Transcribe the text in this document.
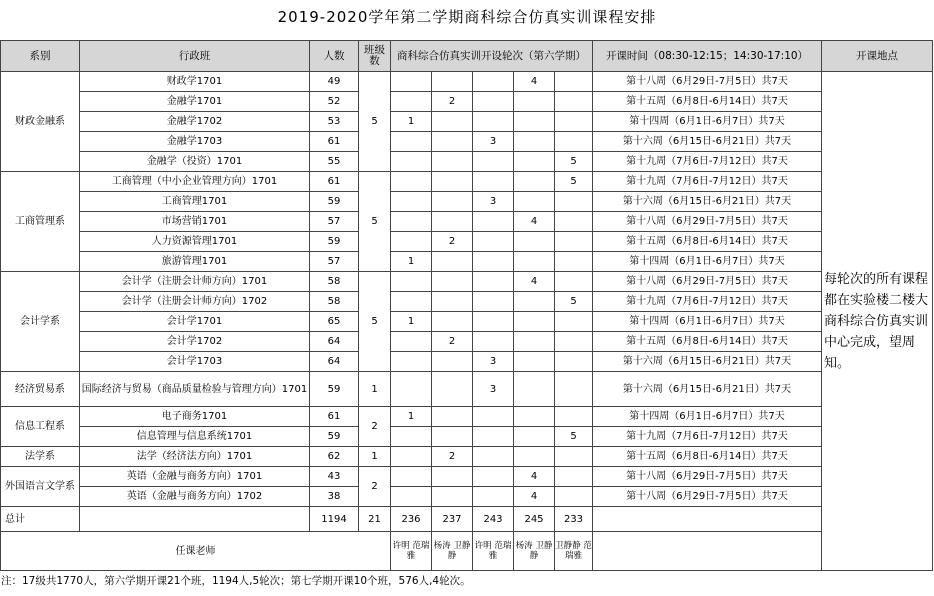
2019-2020学年第二学期商科综合仿真实训课程安排
系别	行政班	人数	班级数	商科综合仿真实训开设轮次（第六学期）					开课时间（08:30-12:15；14:30-17:10）	开课地点
财政金融系	财政学1701	49	5				4		第十八周（6月29日-7月5日）共7天	每轮次的所有课程都在实验楼二楼大商科综合仿真实训中心完成，望周知。
	金融学1701	52			2				第十五周（6月8日-6月14日）共7天	
	金融学1702	53		1					第十四周（6月1日-6月7日）共7天	
	金融学1703	61				3			第十六周（6月15日-6月21日）共7天	
	金融学（投资）1701	55						5	第十九周（7月6日-7月12日）共7天	
工商管理系	工商管理（中小企业管理方向）1701	61	5					5	第十九周（7月6日-7月12日）共7天	
	工商管理1701	59				3			第十六周（6月15日-6月21日）共7天	
	市场营销1701	57					4		第十八周（6月29日-7月5日）共7天	
	人力资源管理1701	59			2				第十五周（6月8日-6月14日）共7天	
	旅游管理1701	57		1					第十四周（6月1日-6月7日）共7天	
会计学系	会计学（注册会计师方向）1701	58	5				4		第十八周（6月29日-7月5日）共7天	
	会计学（注册会计师方向）1702	58						5	第十九周（7月6日-7月12日）共7天	
	会计学1701	65		1					第十四周（6月1日-6月7日）共7天	
	会计学1702	64			2				第十五周（6月8日-6月14日）共7天	
	会计学1703	64				3			第十六周（6月15日-6月21日）共7天	
经济贸易系	国际经济与贸易（商品质量检验与管理方向）1701	59	1			3			第十六周（6月15日-6月21日）共7天	
信息工程系	电子商务1701	61	2	1					第十四周（6月1日-6月7日）共7天	
	信息管理与信息系统1701	59						5	第十九周（7月6日-7月12日）共7天	
法学系	法学（经济法方向）1701	62	1		2				第十五周（6月8日-6月14日）共7天	
外国语言文学系	英语（金融与商务方向）1701	43	2				4		第十八周（6月29日-7月5日）共7天	
	英语（金融与商务方向）1702	38					4		第十八周（6月29日-7月5日）共7天	
总计		1194	21	236	237	243	245	233		
任课老师				许明 范瑞雅	杨涛 卫静静	许明 范瑞雅	杨涛 卫静静	卫静静 范瑞雅		
注：17级共1770人，第六学期开课21个班，1194人,5轮次；第七学期开课10个班，576人,4轮次。
